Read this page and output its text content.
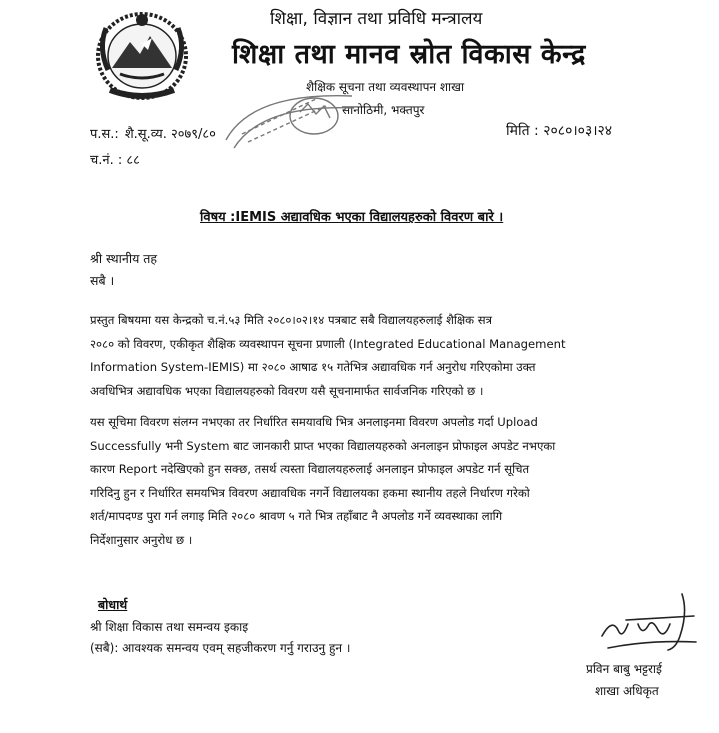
शिक्षा, विज्ञान तथा प्रविधि मन्त्रालय
शिक्षा तथा मानव स्रोत विकास केन्द्र
शैक्षिक सूचना तथा व्यवस्थापन शाखा
सानोठिमी, भक्तपुर
प.स.: शै.सू.व्य. २०७९/८०
च.नं. : ८८
मिति : २०८०।०३।२४
विषय :IEMIS अद्यावधिक भएका विद्यालयहरुको विवरण बारे ।
श्री स्थानीय तह
सबै ।
प्रस्तुत बिषयमा यस केन्द्रको च.नं.५३ मिति २०८०।०२।१४ पत्रबाट सबै विद्यालयहरुलाई शैक्षिक सत्र
२०८० को विवरण, एकीकृत शैक्षिक व्यवस्थापन सूचना प्रणाली (Integrated Educational Management
Information System-IEMIS) मा २०८० आषाढ १५ गतेभित्र अद्यावधिक गर्न अनुरोध गरिएकोमा उक्त
अवधिभित्र अद्यावधिक भएका विद्यालयहरुको विवरण यसै सूचनामार्फत सार्वजनिक गरिएको छ ।
यस सूचिमा विवरण संलग्न नभएका तर निर्धारित समयावधि भित्र अनलाइनमा विवरण अपलोड गर्दा Upload
Successfully भनी System बाट जानकारी प्राप्त भएका विद्यालयहरुको अनलाइन प्रोफाइल अपडेट नभएका
कारण Report नदेखिएको हुन सक्छ, तसर्थ त्यस्ता विद्यालयहरुलाई अनलाइन प्रोफाइल अपडेट गर्न सूचित
गरिदिनु हुन र निर्धारित समयभित्र विवरण अद्यावधिक नगर्ने विद्यालयका हकमा स्थानीय तहले निर्धारण गरेको
शर्त/मापदण्ड पुरा गर्न लगाइ मिति २०८० श्रावण ५ गते भित्र तहाँबाट नै अपलोड गर्ने व्यवस्थाका लागि
निर्देशानुसार अनुरोध छ ।
बोधार्थ
श्री शिक्षा विकास तथा समन्वय इकाइ
(सबै): आवश्यक समन्वय एवम् सहजीकरण गर्नु गराउनु हुन ।
प्रविन बाबु भट्टराई
शाखा अधिकृत
